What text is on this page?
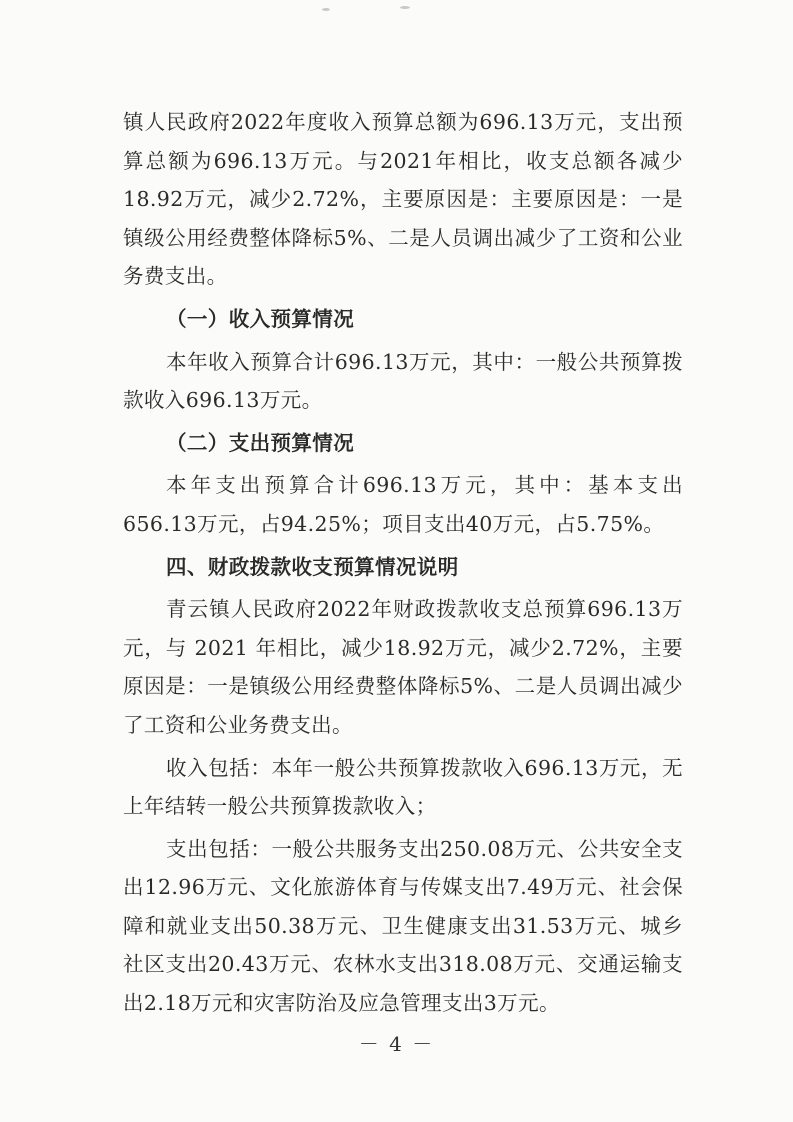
镇人民政府2022年度收入预算总额为696.13万元，支出预算总额为696.13万元。与2021年相比，收支总额各减少18.92万元，减少2.72%，主要原因是：主要原因是：一是镇级公用经费整体降标5%、二是人员调出减少了工资和公业务费支出。

（一）收入预算情况

本年收入预算合计696.13万元，其中：一般公共预算拨款收入696.13万元。

（二）支出预算情况

本年支出预算合计696.13万元，其中：基本支出656.13万元，占94.25%；项目支出40万元，占5.75%。

四、财政拨款收支预算情况说明

青云镇人民政府2022年财政拨款收支总预算696.13万元，与 2021 年相比，减少18.92万元，减少2.72%，主要原因是：一是镇级公用经费整体降标5%、二是人员调出减少了工资和公业务费支出。

收入包括：本年一般公共预算拨款收入696.13万元，无上年结转一般公共预算拨款收入；

支出包括：一般公共服务支出250.08万元、公共安全支出12.96万元、文化旅游体育与传媒支出7.49万元、社会保障和就业支出50.38万元、卫生健康支出31.53万元、城乡社区支出20.43万元、农林水支出318.08万元、交通运输支出2.18万元和灾害防治及应急管理支出3万元。

－ 4 －
